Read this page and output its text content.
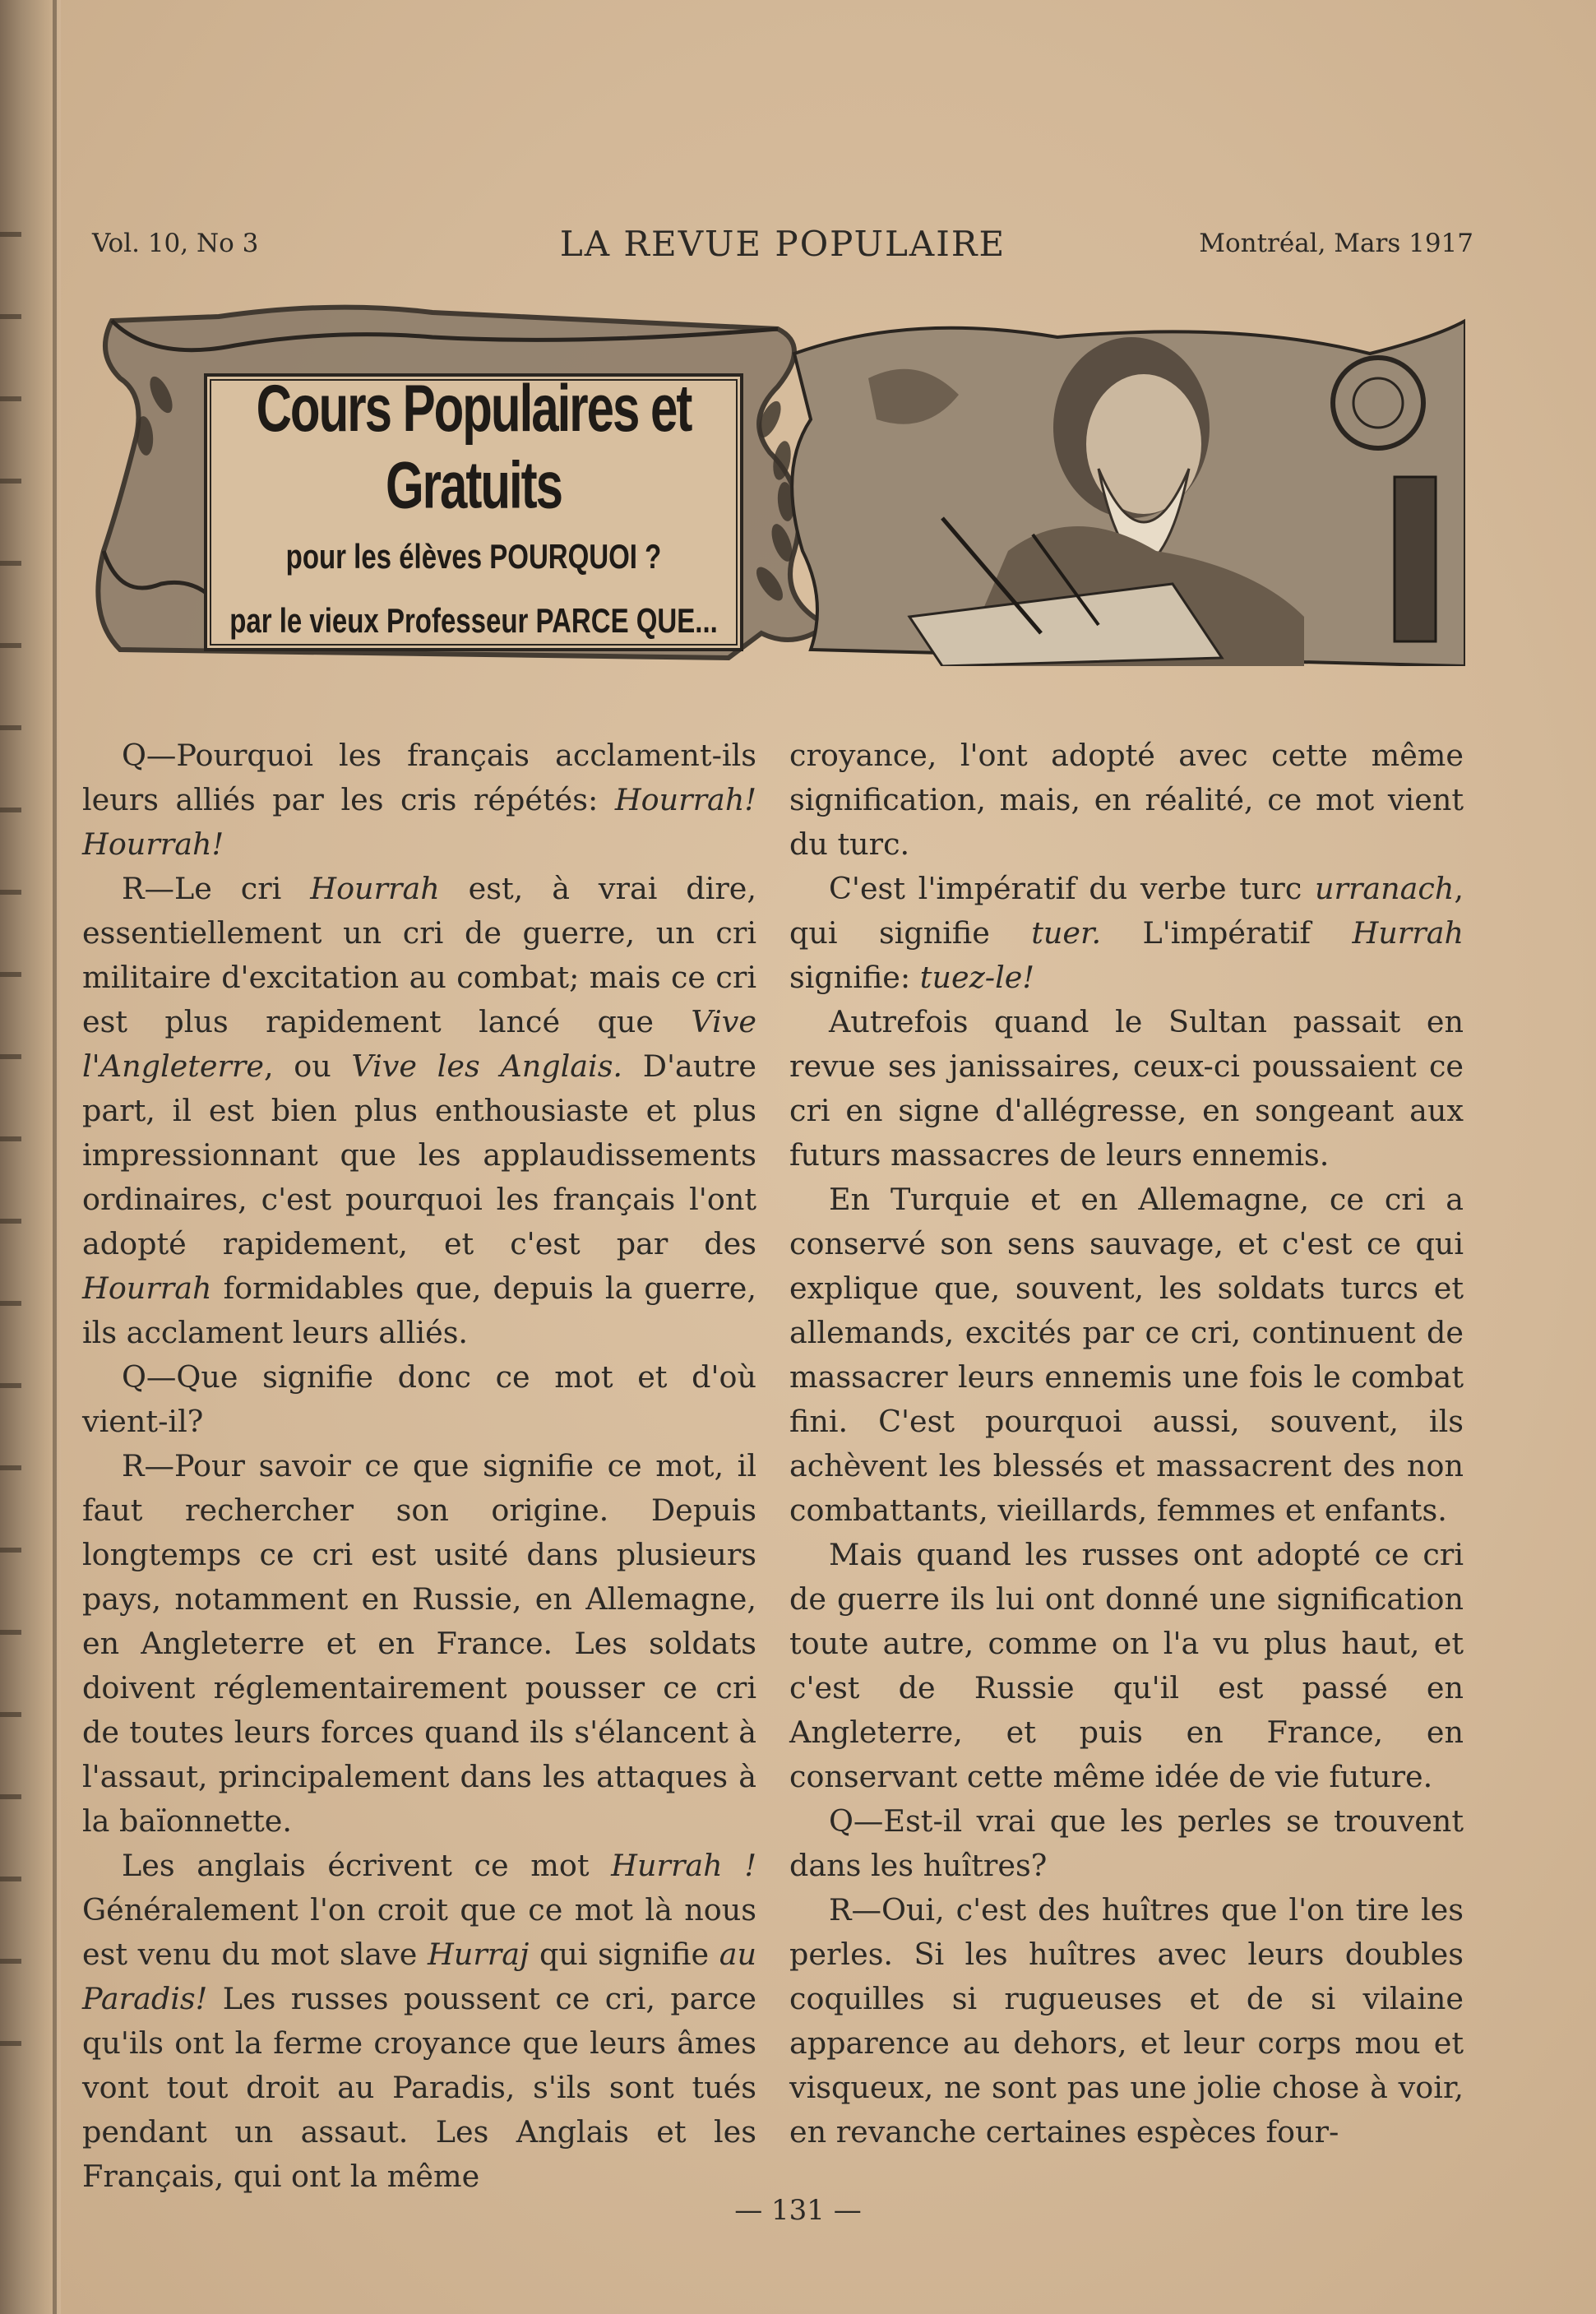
Vol. 10, No 3	LA REVUE POPULAIRE	Montréal, Mars 1917
Cours Populaires et Gratuits
pour les élèves POURQUOI ?
par le vieux Professeur PARCE QUE...

Q—Pourquoi les français acclament-ils leurs alliés par les cris répétés: Hourrah! Hourrah!

R—Le cri Hourrah est, à vrai dire, essentiellement un cri de guerre, un cri militaire d'excitation au combat; mais ce cri est plus rapidement lancé que Vive l'Angleterre, ou Vive les Anglais. D'autre part, il est bien plus enthousiaste et plus impressionnant que les applaudissements ordinaires, c'est pourquoi les français l'ont adopté rapidement, et c'est par des Hourrah formidables que, depuis la guerre, ils acclament leurs alliés.

Q—Que signifie donc ce mot et d'où vient-il?

R—Pour savoir ce que signifie ce mot, il faut rechercher son origine. Depuis longtemps ce cri est usité dans plusieurs pays, notamment en Russie, en Allemagne, en Angleterre et en France. Les soldats doivent réglementairement pousser ce cri de toutes leurs forces quand ils s'élancent à l'assaut, principalement dans les attaques à la baïonnette.

Les anglais écrivent ce mot Hurrah ! Généralement l'on croit que ce mot là nous est venu du mot slave Hurraj qui signifie au Paradis! Les russes poussent ce cri, parce qu'ils ont la ferme croyance que leurs âmes vont tout droit au Paradis, s'ils sont tués pendant un assaut. Les Anglais et les Français, qui ont la même

croyance, l'ont adopté avec cette même signification, mais, en réalité, ce mot vient du turc.

C'est l'impératif du verbe turc urranach, qui signifie tuer. L'impératif Hurrah signifie: tuez-le!

Autrefois quand le Sultan passait en revue ses janissaires, ceux-ci poussaient ce cri en signe d'allégresse, en songeant aux futurs massacres de leurs ennemis.

En Turquie et en Allemagne, ce cri a conservé son sens sauvage, et c'est ce qui explique que, souvent, les soldats turcs et allemands, excités par ce cri, continuent de massacrer leurs ennemis une fois le combat fini. C'est pourquoi aussi, souvent, ils achèvent les blessés et massacrent des non combattants, vieillards, femmes et enfants.

Mais quand les russes ont adopté ce cri de guerre ils lui ont donné une signification toute autre, comme on l'a vu plus haut, et c'est de Russie qu'il est passé en Angleterre, et puis en France, en conservant cette même idée de vie future.

Q—Est-il vrai que les perles se trouvent dans les huîtres?

R—Oui, c'est des huîtres que l'on tire les perles. Si les huîtres avec leurs doubles coquilles si rugueuses et de si vilaine apparence au dehors, et leur corps mou et visqueux, ne sont pas une jolie chose à voir, en revanche certaines espèces four-

— 131 —
